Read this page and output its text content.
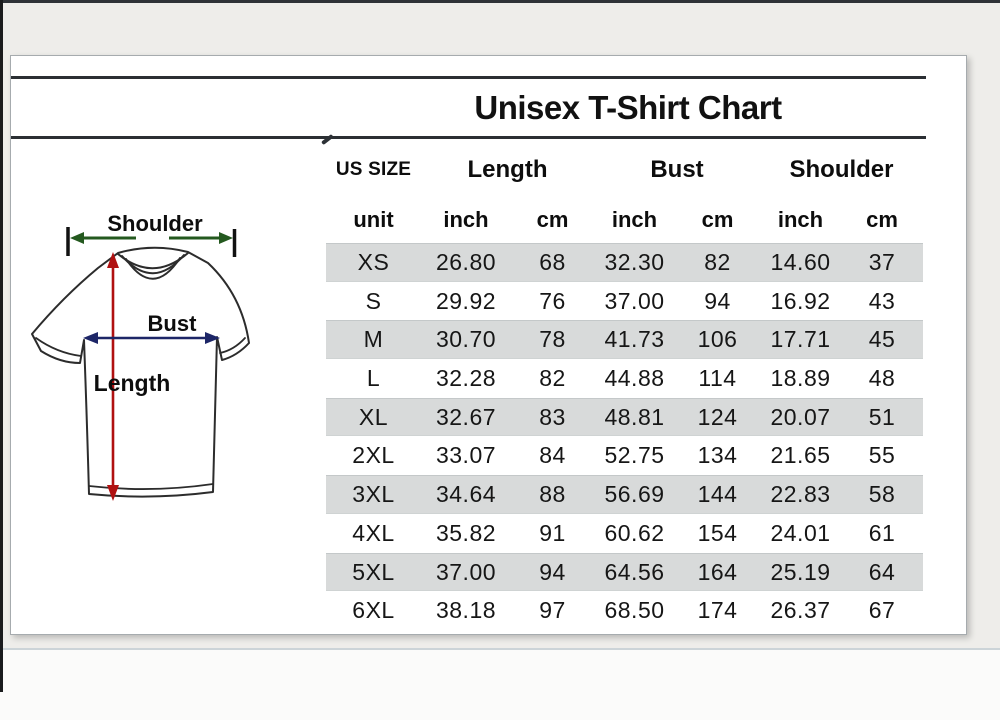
Unisex T-Shirt Chart
Shoulder
Bust
Length
US SIZE	Length	Bust	Shoulder
unit	inch	cm	inch	cm	inch	cm
XS	26.80	68	32.30	82	14.60	37
S	29.92	76	37.00	94	16.92	43
M	30.70	78	41.73	106	17.71	45
L	32.28	82	44.88	114	18.89	48
XL	32.67	83	48.81	124	20.07	51
2XL	33.07	84	52.75	134	21.65	55
3XL	34.64	88	56.69	144	22.83	58
4XL	35.82	91	60.62	154	24.01	61
5XL	37.00	94	64.56	164	25.19	64
6XL	38.18	97	68.50	174	26.37	67
